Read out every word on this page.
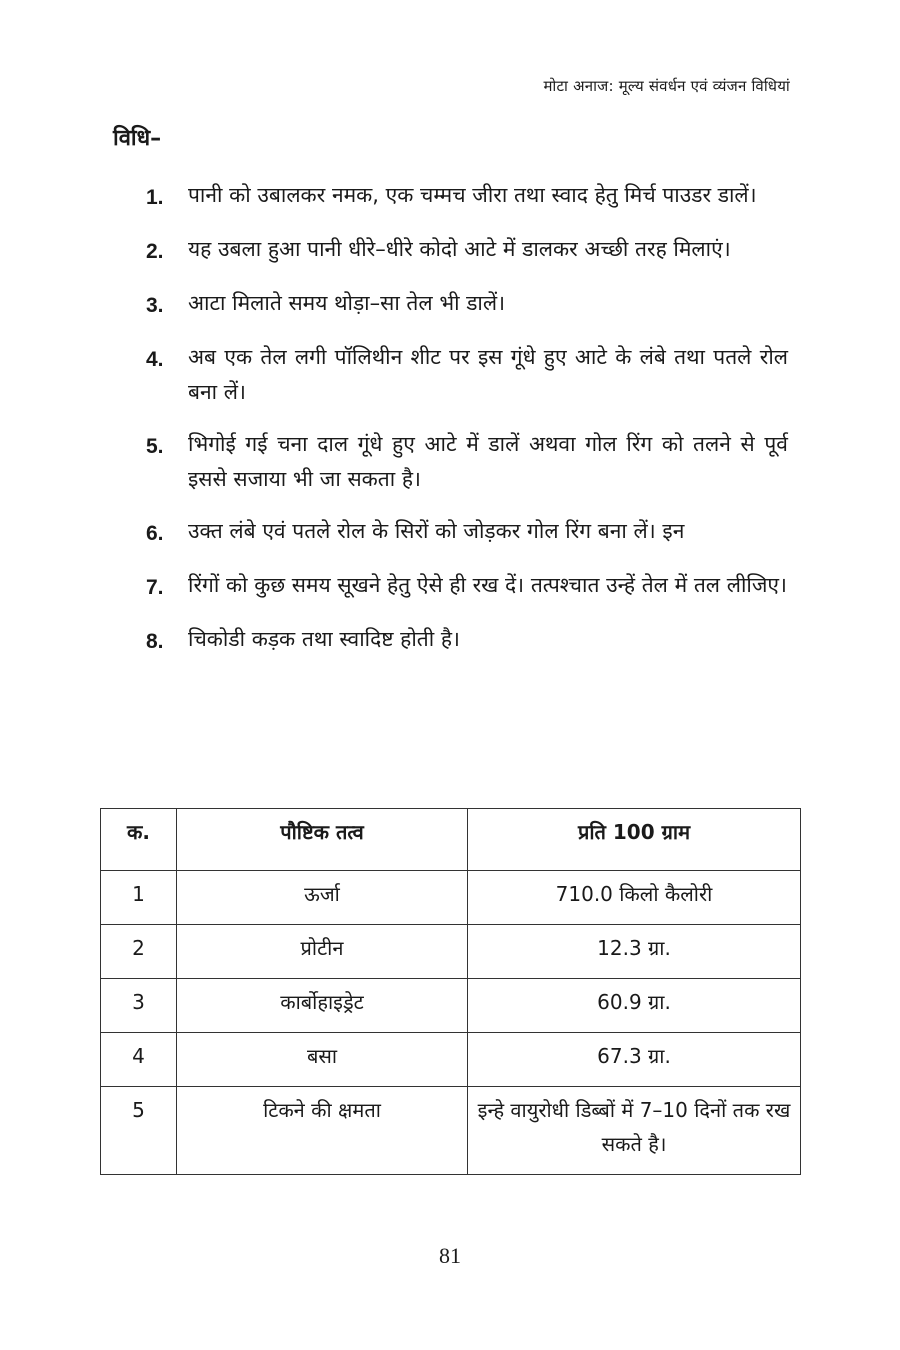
मोटा अनाज: मूल्य संवर्धन एवं व्यंजन विधियां
विधि–
1.	पानी को उबालकर नमक, एक चम्मच जीरा तथा स्वाद हेतु मिर्च पाउडर डालें।
2.	यह उबला हुआ पानी धीरे–धीरे कोदो आटे में डालकर अच्छी तरह मिलाएं।
3.	आटा मिलाते समय थोड़ा–सा तेल भी डालें।
4.	अब एक तेल लगी पॉलिथीन शीट पर इस गूंधे हुए आटे के लंबे तथा पतले रोल बना लें।
5.	भिगोई गई चना दाल गूंधे हुए आटे में डालें अथवा गोल रिंग को तलने से पूर्व इससे सजाया भी जा सकता है।
6.	उक्त लंबे एवं पतले रोल के सिरों को जोड़कर गोल रिंग बना लें। इन
7.	रिंगों को कुछ समय सूखने हेतु ऐसे ही रख दें। तत्पश्चात उन्हें तेल में तल लीजिए।
8.	चिकोडी कड़क तथा स्वादिष्ट होती है।
क.	पौष्टिक तत्व	प्रति 100 ग्राम
1	ऊर्जा	710.0 किलो कैलोरी
2	प्रोटीन	12.3 ग्रा.
3	कार्बोहाइड्रेट	60.9 ग्रा.
4	बसा	67.3 ग्रा.
5	टिकने की क्षमता	इन्हे वायुरोधी डिब्बों में 7–10 दिनों तक रख सकते है।
81
